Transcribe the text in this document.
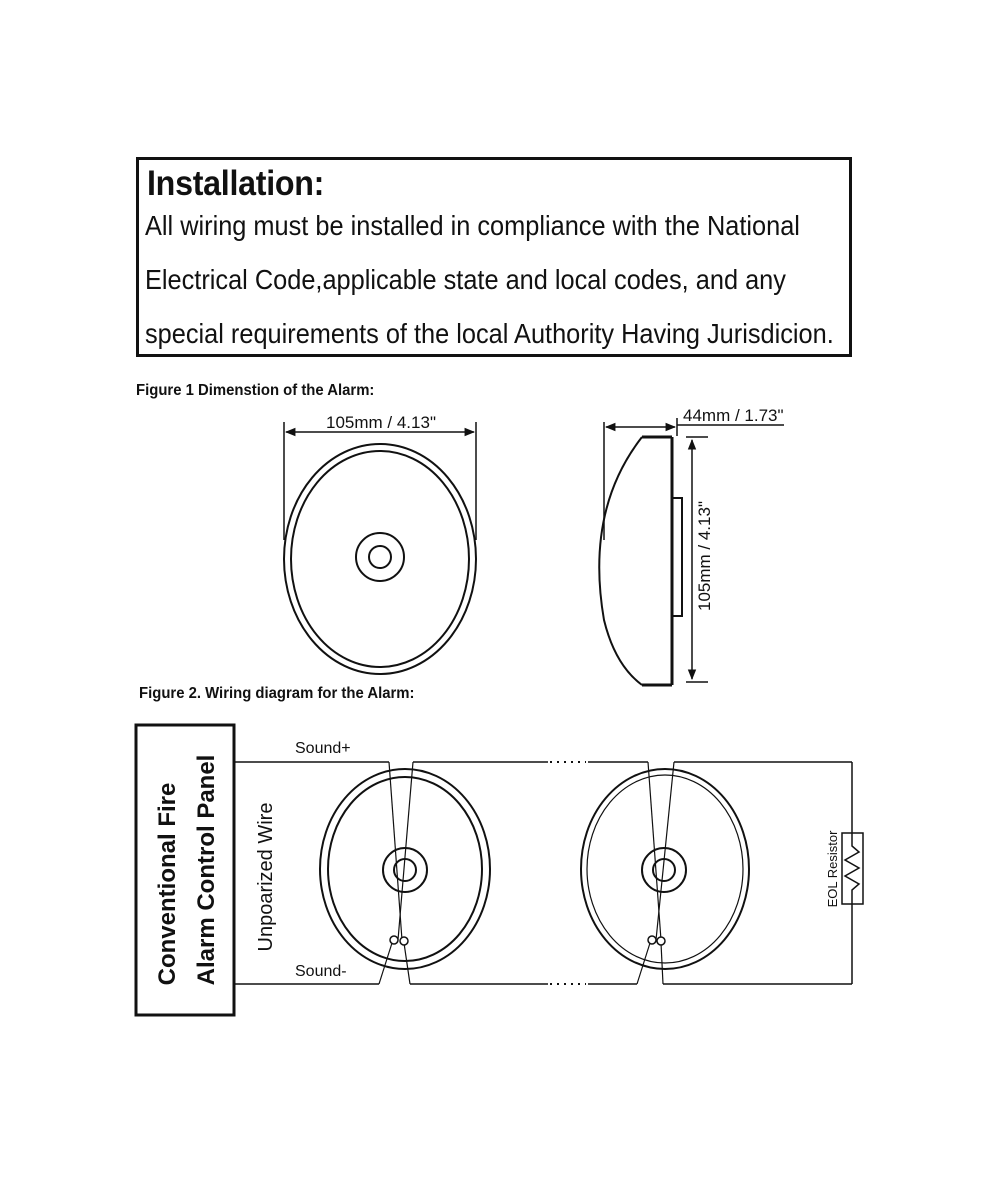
Installation:
All wiring must be installed in compliance with the National
Electrical Code,applicable state and local codes, and any
special requirements of the local Authority Having Jurisdicion.
Figure 1 Dimenstion of the Alarm:
105mm / 4.13"	44mm / 1.73"
105mm / 4.13"
Figure 2. Wiring diagram for the Alarm:
Conventional Fire Alarm Control Panel Unpoarized Wire
Sound+
Sound-
EOL Resistor
